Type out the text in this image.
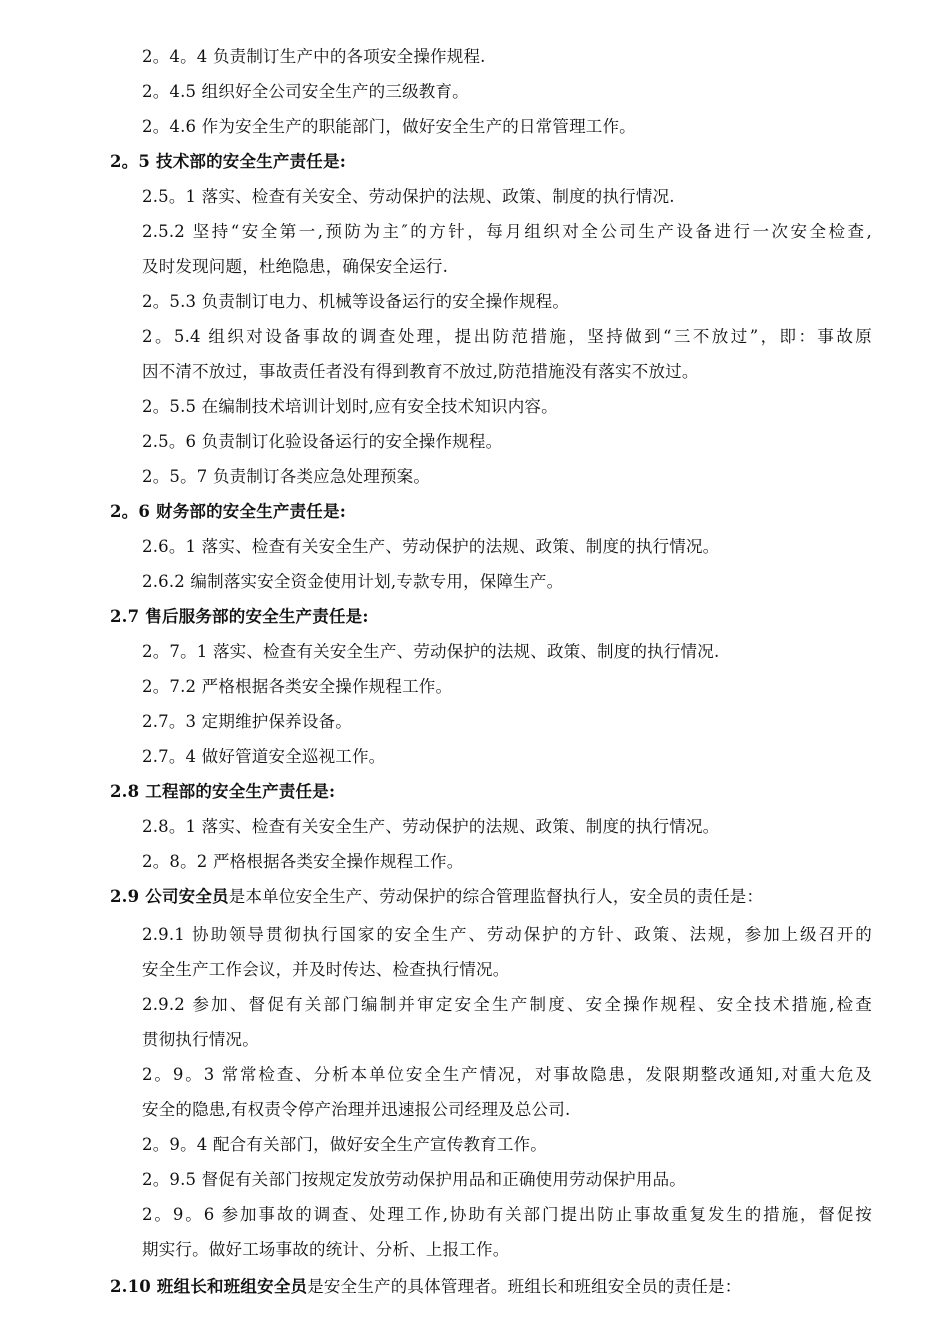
2。4。4 负责制订生产中的各项安全操作规程.
2。4.5 组织好全公司安全生产的三级教育。
2。4.6 作为安全生产的职能部门，做好安全生产的日常管理工作。
2。5 技术部的安全生产责任是:
2.5。1 落实、检查有关安全、劳动保护的法规、政策、制度的执行情况.
2.5.2 坚持“安全第一,预防为主″的方针，每月组织对全公司生产设备进行一次安全检查,
及时发现问题，杜绝隐患，确保安全运行.
2。5.3 负责制订电力、机械等设备运行的安全操作规程。
2。5.4 组织对设备事故的调查处理，提出防范措施，坚持做到“三不放过”，即：事故原
因不清不放过，事故责任者没有得到教育不放过,防范措施没有落实不放过。
2。5.5 在编制技术培训计划时,应有安全技术知识内容。
2.5。6 负责制订化验设备运行的安全操作规程。
2。5。7 负责制订各类应急处理预案。
2。6 财务部的安全生产责任是:
2.6。1 落实、检查有关安全生产、劳动保护的法规、政策、制度的执行情况。
2.6.2 编制落实安全资金使用计划,专款专用，保障生产。
2.7 售后服务部的安全生产责任是:
2。7。1 落实、检查有关安全生产、劳动保护的法规、政策、制度的执行情况.
2。7.2 严格根据各类安全操作规程工作。
2.7。3 定期维护保养设备。
2.7。4 做好管道安全巡视工作。
2.8 工程部的安全生产责任是:
2.8。1 落实、检查有关安全生产、劳动保护的法规、政策、制度的执行情况。
2。8。2 严格根据各类安全操作规程工作。
2.9 公司安全员是本单位安全生产、劳动保护的综合管理监督执行人，安全员的责任是：
2.9.1 协助领导贯彻执行国家的安全生产、劳动保护的方针、政策、法规，参加上级召开的
安全生产工作会议，并及时传达、检查执行情况。
2.9.2 参加、督促有关部门编制并审定安全生产制度、安全操作规程、安全技术措施,检查
贯彻执行情况。
2。9。3 常常检查、分析本单位安全生产情况，对事故隐患，发限期整改通知,对重大危及
安全的隐患,有权责令停产治理并迅速报公司经理及总公司.
2。9。4 配合有关部门，做好安全生产宣传教育工作。
2。9.5 督促有关部门按规定发放劳动保护用品和正确使用劳动保护用品。
2。9。6 参加事故的调查、处理工作,协助有关部门提出防止事故重复发生的措施，督促按
期实行。做好工场事故的统计、分析、上报工作。
2.10 班组长和班组安全员是安全生产的具体管理者。班组长和班组安全员的责任是：
